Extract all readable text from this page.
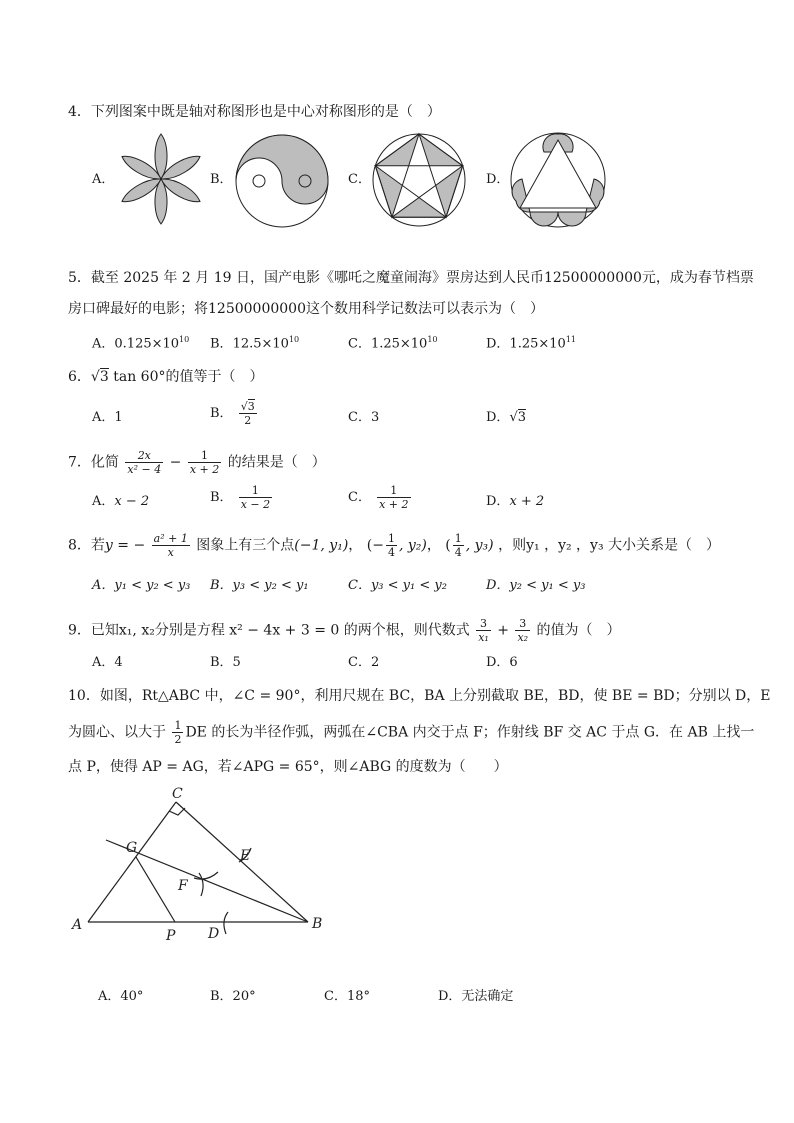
4．下列图案中既是轴对称图形也是中心对称图形的是（　）
A．	B．	C．	D．
5．截至 2025 年 2 月 19 日，国产电影《哪吒之魔童闹海》票房达到人民币12500000000元，成为春节档票
房口碑最好的电影；将12500000000这个数用科学记数法可以表示为（　）
A．$0.125\times 10^{10}$ B．$12.5\times 10^{10}$	C．$1.25\times 10^{10}$	D．$1.25\times 10^{11}$
6．√3 tan 60°的值等于（　）
A．1	B． $\frac{√3}{2}$	C．3	D．√3
7．化简 $\frac{2x}{\text{x² − 4}} - \frac{1}{x + 2}$ 的结果是（　）
A．x − 2	B． $\frac{1}{x - 2}$	C． $\frac{1}{x + 2}$	D．x + 2
8．若y = − $\frac{\text{a² + 1}}{x}$ 图象上有三个点(−1, y₁)， (− $\frac{1}{4}$ , y₂)， ( $\frac{1}{4}$ , y₃) ，则y₁ ，y₂ ，y₃ 大小关系是（　）
A．y₁ < y₂ < y₃ B．y₃ < y₂ < y₁	C．y₃ < y₁ < y₂	D．y₂ < y₁ < y₃
9．已知x₁, x₂分别是方程 x² − 4x + 3 = 0 的两个根，则代数式 $\frac{3}{\text{x₁}} + \frac{3}{\text{x₂}}$ 的值为（　）
A．4	B．5	C．2	D．6
10．如图，Rt△ABC 中，∠C = 90°，利用尺规在 BC，BA 上分别截取 BE，BD，使 BE = BD；分别以 D，E
为圆心、以大于 $\frac{1}{2}$ DE 的长为半径作弧，两弧在∠CBA 内交于点 F；作射线 BF 交 AC 于点 G．在 AB 上找一
点 P，使得 AP = AG，若∠APG = 65°，则∠ABG 的度数为（　　）
A	B
C
D
E
F
G
P
A．40°	B．20°	C．18°	D．无法确定
